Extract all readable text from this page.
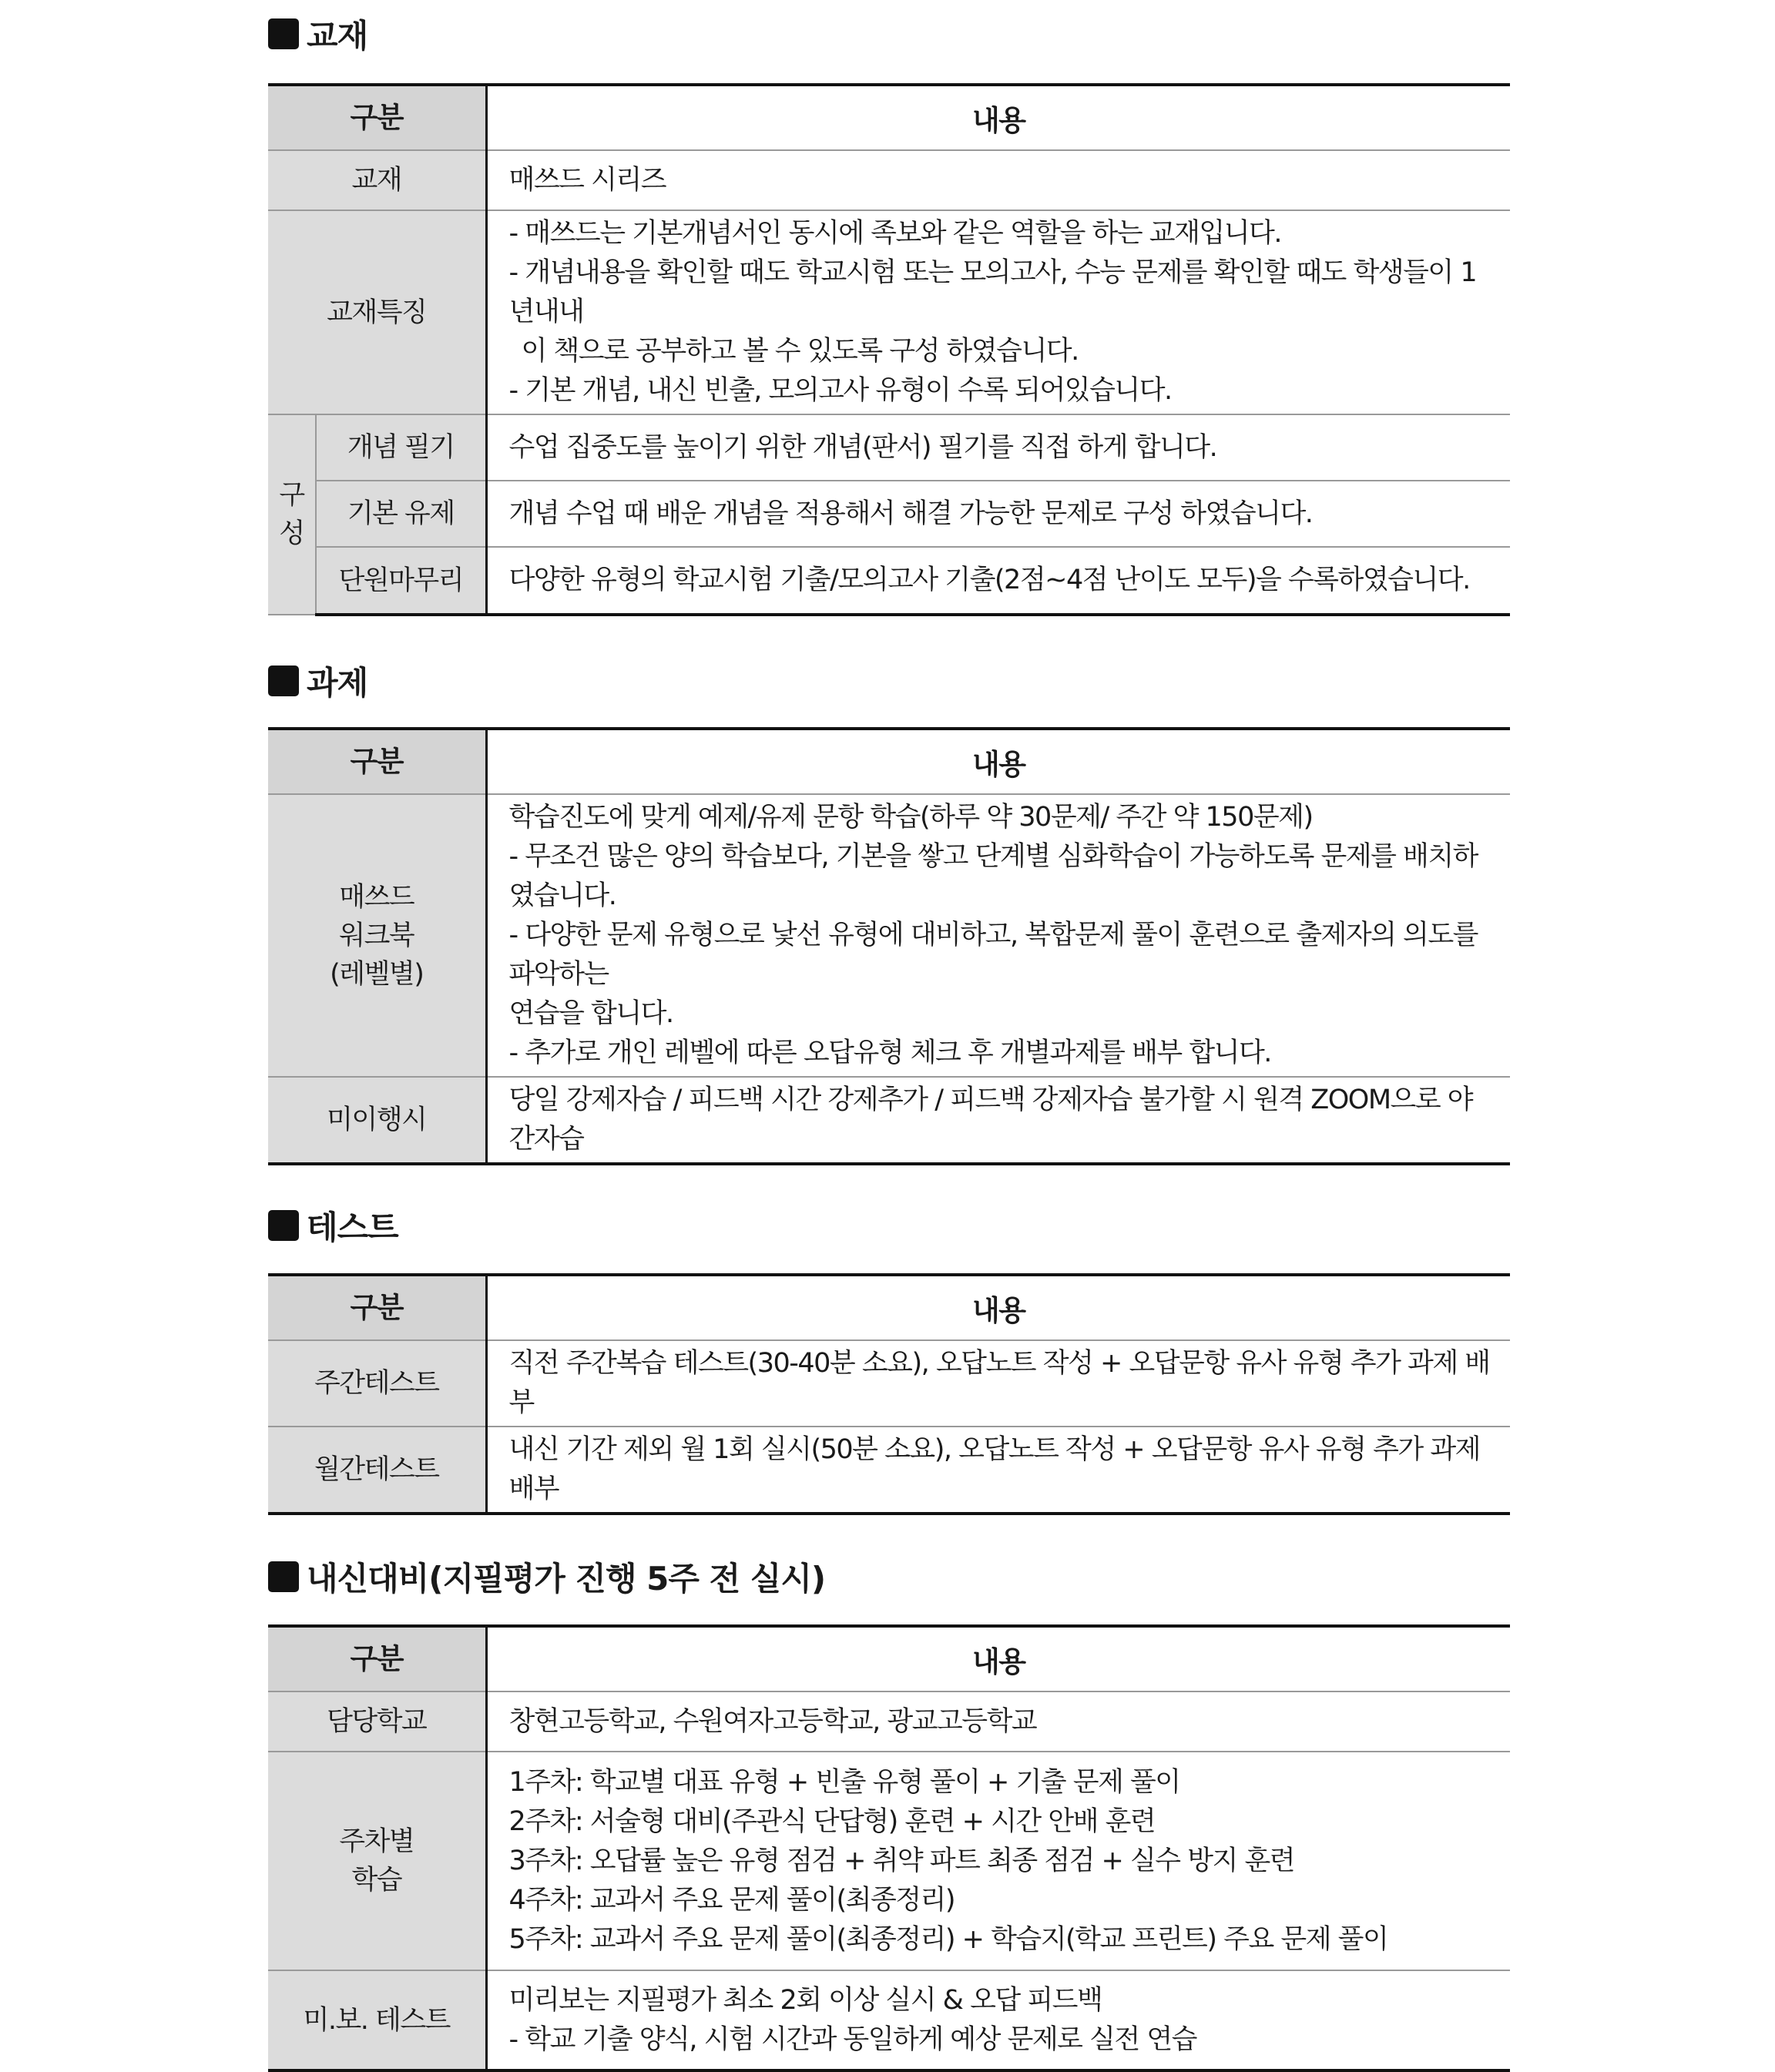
교재
구분		내용
교재		매쓰드 시리즈
교재특징		- 매쓰드는 기본개념서인 동시에 족보와 같은 역할을 하는 교재입니다.
- 개념내용을 확인할 때도 학교시험 또는 모의고사, 수능 문제를 확인할 때도 학생들이 1년내내
이 책으로 공부하고 볼 수 있도록 구성 하였습니다.
- 기본 개념, 내신 빈출, 모의고사 유형이 수록 되어있습니다.

구
성	개념 필기	수업 집중도를 높이기 위한 개념(판서) 필기를 직접 하게 합니다.
	기본 유제	개념 수업 때 배운 개념을 적용해서 해결 가능한 문제로 구성 하였습니다.
	단원마무리	다양한 유형의 학교시험 기출/모의고사 기출(2점~4점 난이도 모두)을 수록하였습니다.
과제
구분	내용

매쓰드
워크북
(레벨별)	학습진도에 맞게 예제/유제 문항 학습(하루 약 30문제/ 주간 약 150문제)
- 무조건 많은 양의 학습보다, 기본을 쌓고 단계별 심화학습이 가능하도록 문제를 배치하였습니다.
- 다양한 문제 유형으로 낯선 유형에 대비하고, 복합문제 풀이 훈련으로 출제자의 의도를 파악하는
연습을 합니다.
- 추가로 개인 레벨에 따른 오답유형 체크 후 개별과제를 배부 합니다.

미이행시	당일 강제자습 / 피드백 시간 강제추가 / 피드백 강제자습 불가할 시 원격 ZOOM으로 야간자습
테스트
구분	내용
주간테스트	직전 주간복습 테스트(30-40분 소요), 오답노트 작성 + 오답문항 유사 유형 추가 과제 배부
월간테스트	내신 기간 제외 월 1회 실시(50분 소요), 오답노트 작성 + 오답문항 유사 유형 추가 과제 배부
내신대비(지필평가 진행 5주 전 실시)
구분	내용
담당학교	창현고등학교, 수원여자고등학교, 광교고등학교

주차별
학습	1주차: 학교별 대표 유형 + 빈출 유형 풀이 + 기출 문제 풀이
2주차: 서술형 대비(주관식 단답형) 훈련 + 시간 안배 훈련
3주차: 오답률 높은 유형 점검 + 취약 파트 최종 점검 + 실수 방지 훈련
4주차: 교과서 주요 문제 풀이(최종정리)
5주차: 교과서 주요 문제 풀이(최종정리) + 학습지(학교 프린트) 주요 문제 풀이

미.보. 테스트	미리보는 지필평가 최소 2회 이상 실시 & 오답 피드백
- 학교 기출 양식, 시험 시간과 동일하게 예상 문제로 실전 연습
